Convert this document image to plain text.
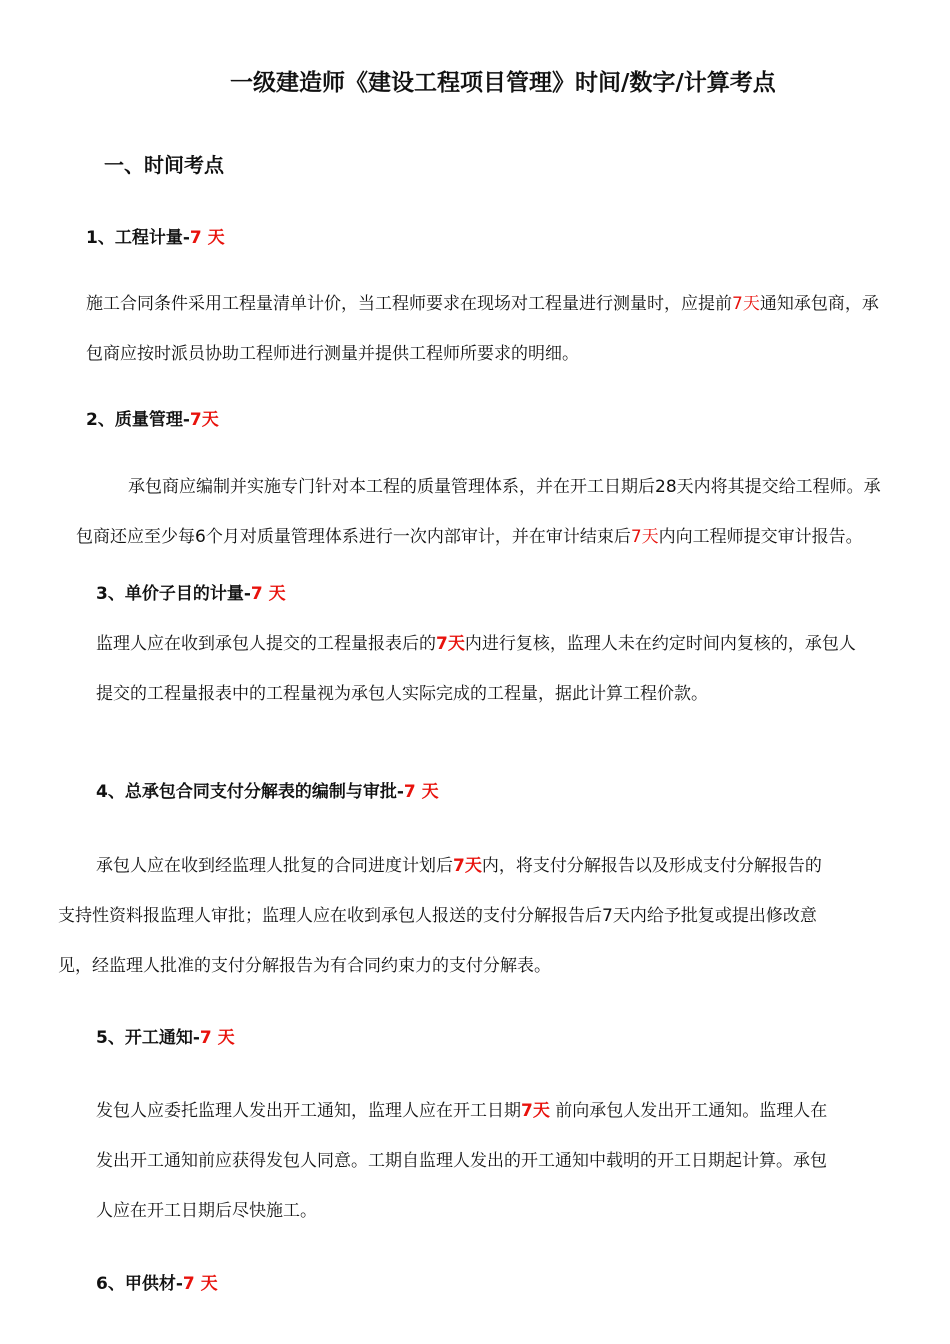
一级建造师《建设工程项目管理》时间/数字/计算考点
一、时间考点
1、工程计量-7 天
施工合同条件采用工程量清单计价，当工程师要求在现场对工程量进行测量时，应提前7天通知承包商，承
包商应按时派员协助工程师进行测量并提供工程师所要求的明细。
2、质量管理-7天
承包商应编制并实施专门针对本工程的质量管理体系，并在开工日期后28天内将其提交给工程师。承
包商还应至少每6个月对质量管理体系进行一次内部审计，并在审计结束后7天内向工程师提交审计报告。
3、单价子目的计量-7 天
监理人应在收到承包人提交的工程量报表后的7天内进行复核，监理人未在约定时间内复核的，承包人
提交的工程量报表中的工程量视为承包人实际完成的工程量，据此计算工程价款。
4、总承包合同支付分解表的编制与审批-7 天
承包人应在收到经监理人批复的合同进度计划后7天内，将支付分解报告以及形成支付分解报告的
支持性资料报监理人审批；监理人应在收到承包人报送的支付分解报告后7天内给予批复或提出修改意
见，经监理人批准的支付分解报告为有合同约束力的支付分解表。
5、开工通知-7 天
发包人应委托监理人发出开工通知，监理人应在开工日期7天 前向承包人发出开工通知。监理人在
发出开工通知前应获得发包人同意。工期自监理人发出的开工通知中载明的开工日期起计算。承包
人应在开工日期后尽快施工。
6、甲供材-7 天
